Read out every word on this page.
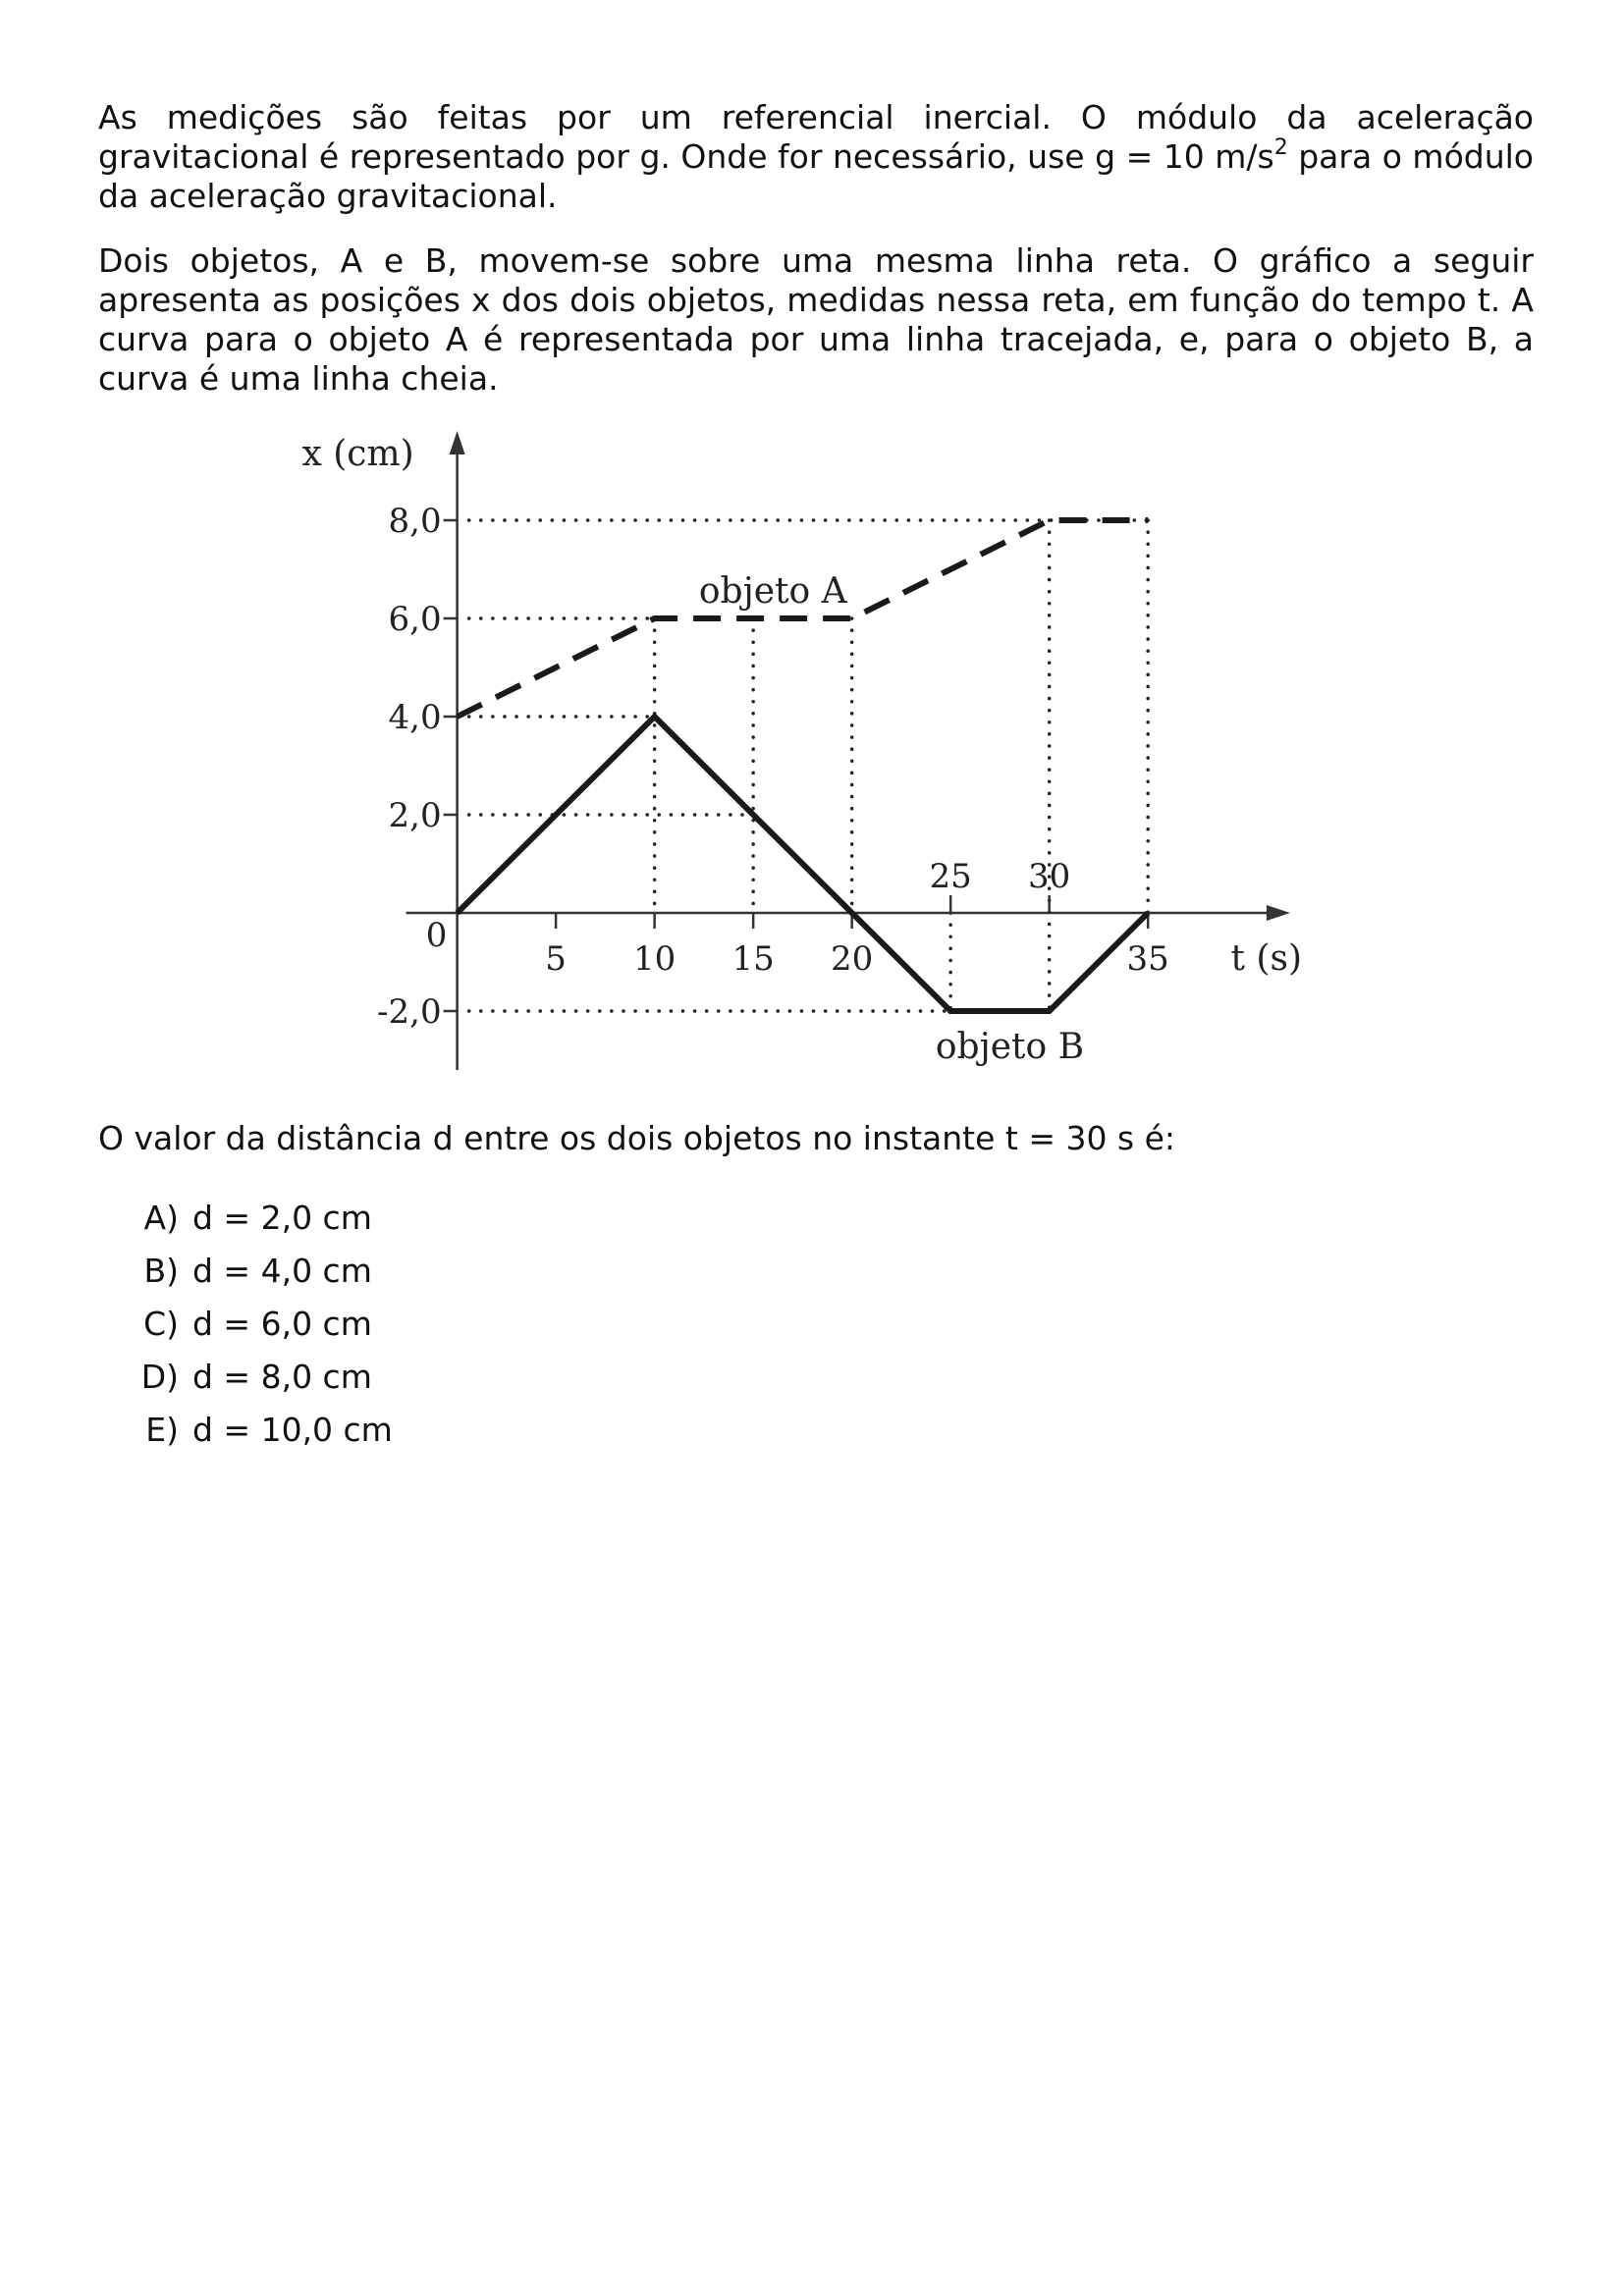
As medições são feitas por um referencial inercial. O módulo da aceleração gravitacional é representado por g. Onde for necessário, use g = 10 $m/s^2$ para o módulo da aceleração gravitacional.

Dois objetos, A e B, movem-se sobre uma mesma linha reta. O gráfico a seguir apresenta as posições x dos dois objetos, medidas nessa reta, em função do tempo t. A curva para o objeto A é representada por uma linha tracejada, e, para o objeto B, a curva é uma linha cheia.

0
5 10 15 20
25 30
35
8,0
6,0
4,0
2,0
-2,0
x (cm)
t (s)
objeto A
objeto B

O valor da distância d entre os dois objetos no instante t = 30 s é:

A) d = 2,0 cm
B) d = 4,0 cm
C) d = 6,0 cm
D) d = 8,0 cm
E) d = 10,0 cm
